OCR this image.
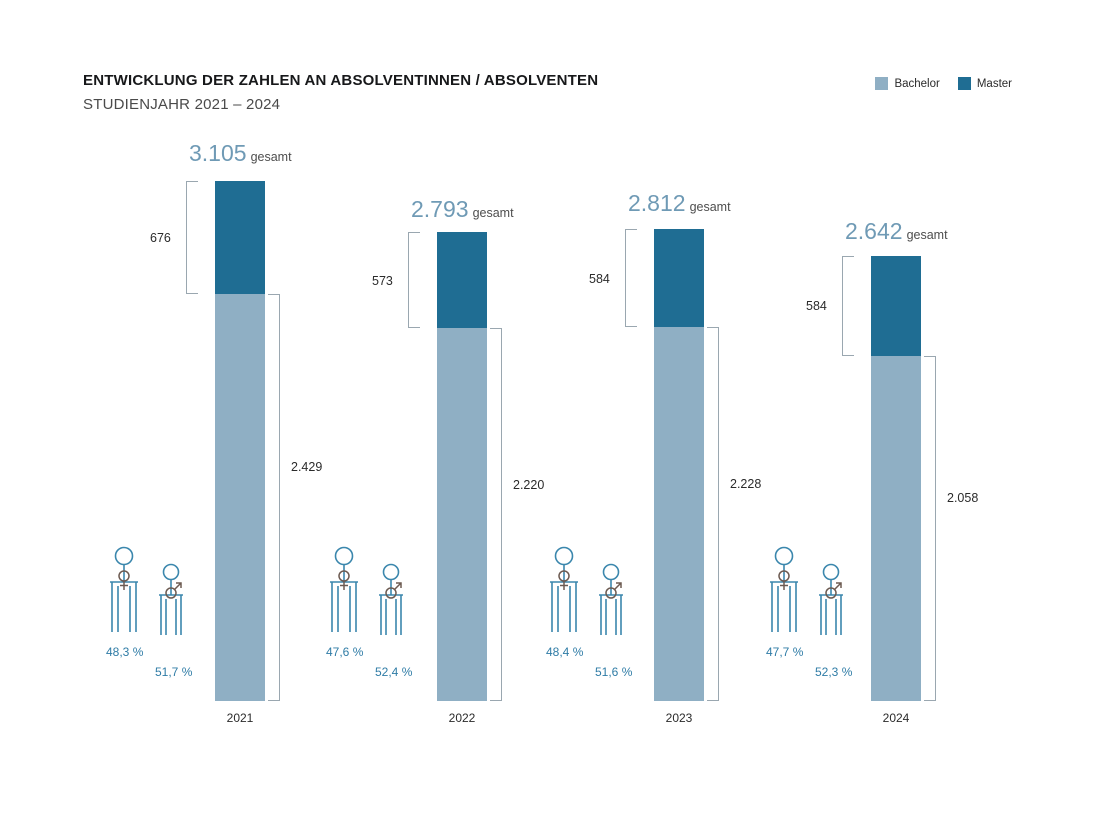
ENTWICKLUNG DER ZAHLEN AN ABSOLVENTINNEN / ABSOLVENTEN
STUDIENJAHR 2021 – 2024
Bachelor	Master
3.105 gesamt
676
2.429
48,3 %
51,7 %
2021
2.793 gesamt
573
2.220
47,6 %
52,4 %
2022
2.812 gesamt
584
2.228
48,4 %
51,6 %
2023
2.642 gesamt
584
2.058
47,7 %
52,3 %
2024
